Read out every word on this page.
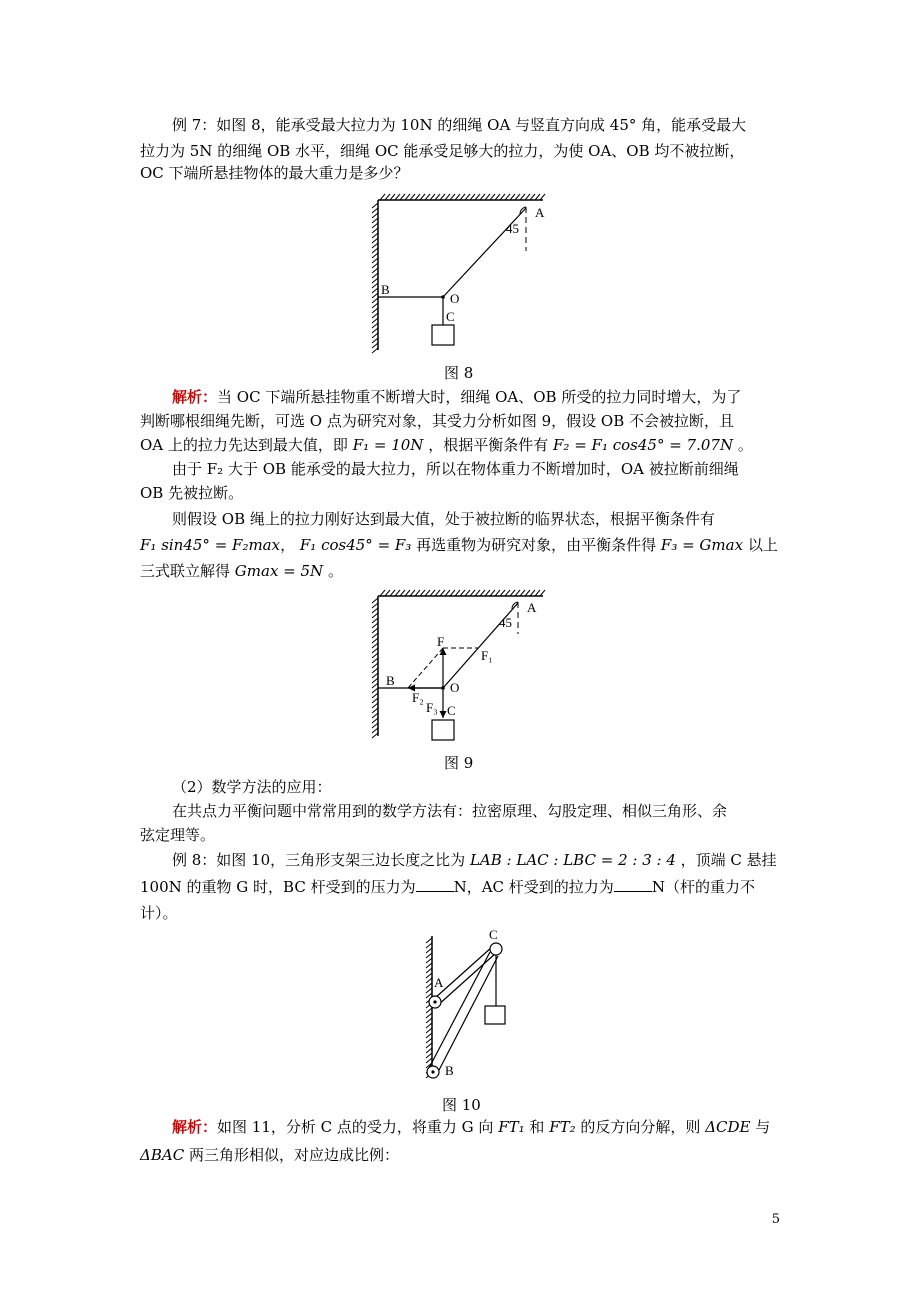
例 7：如图 8，能承受最大拉力为 10N 的细绳 OA 与竖直方向成 45° 角，能承受最大
拉力为 5N 的细绳 OB 水平，细绳 OC 能承受足够大的拉力，为使 OA、OB 均不被拉断，
OC 下端所悬挂物体的最大重力是多少？
A
45
B
O
C
图 8
解析：当 OC 下端所悬挂物重不断增大时，细绳 OA、OB 所受的拉力同时增大，为了
判断哪根细绳先断，可选 O 点为研究对象，其受力分析如图 9，假设 OB 不会被拉断，且
OA 上的拉力先达到最大值，即 F₁ = 10N ，根据平衡条件有 F₂ = F₁ cos45° = 7.07N 。
由于 F₂ 大于 OB 能承受的最大拉力，所以在物体重力不断增加时，OA 被拉断前细绳
OB 先被拉断。
则假设 OB 绳上的拉力刚好达到最大值，处于被拉断的临界状态，根据平衡条件有
F₁ sin45° = F₂max， F₁ cos45° = F₃ 再选重物为研究对象，由平衡条件得 F₃ = Gmax 以上
三式联立解得 Gmax = 5N 。
A
45
F
F₁
B	O
F₂
F₃ C
图 9
（2）数学方法的应用：
在共点力平衡问题中常常用到的数学方法有：拉密原理、勾股定理、相似三角形、余
弦定理等。
例 8：如图 10，三角形支架三边长度之比为 LAB : LAC : LBC = 2 : 3 : 4 ，顶端 C 悬挂
100N 的重物 G 时，BC 杆受到的压力为	N，AC 杆受到的拉力为	N（杆的重力不
计）。
C
A
B
图 10
解析：如图 11，分析 C 点的受力，将重力 G 向 FT₁ 和 FT₂ 的反方向分解，则 ΔCDE 与
ΔBAC 两三角形相似，对应边成比例：
5
